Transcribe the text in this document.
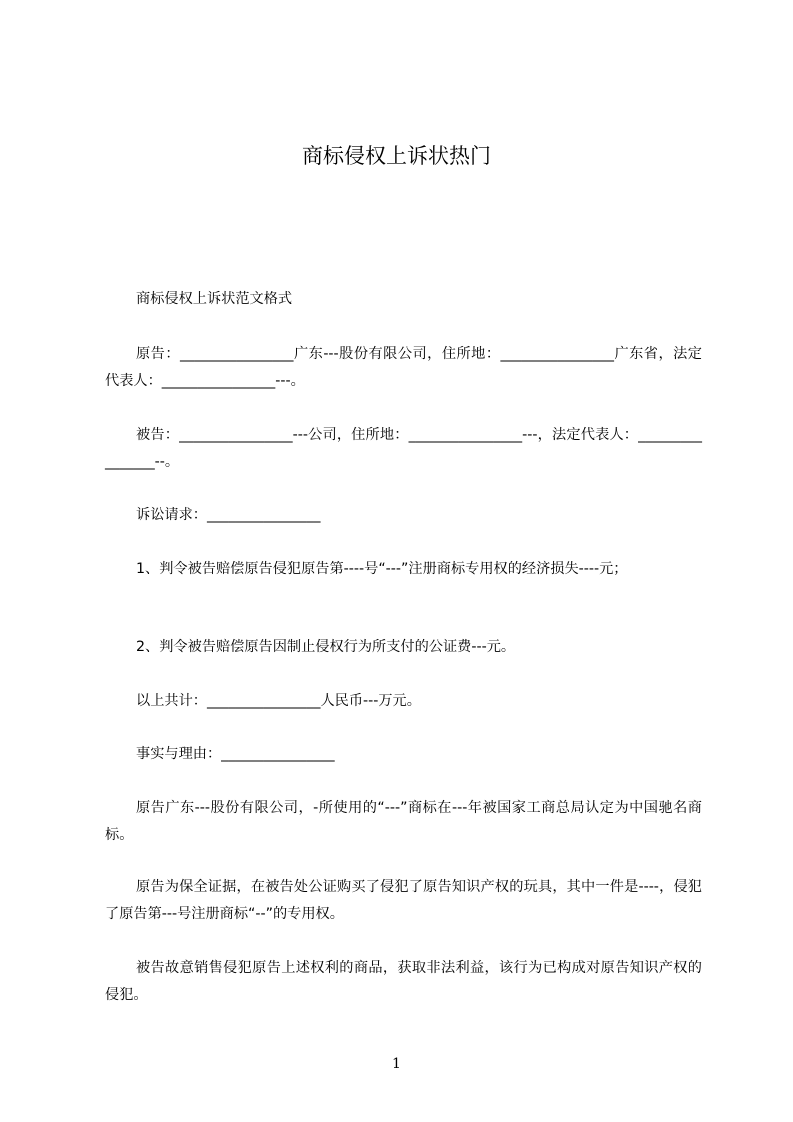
商标侵权上诉状热门

商标侵权上诉状范文格式

原告：________________广东---股份有限公司，住所地：________________广东省，法定代表人：________________---。

被告：________________---公司，住所地：________________---，法定代表人：________________--。

诉讼请求：________________

1、判令被告赔偿原告侵犯原告第----号“---”注册商标专用权的经济损失----元；

2、判令被告赔偿原告因制止侵权行为所支付的公证费---元。

以上共计：________________人民币---万元。

事实与理由：________________

原告广东---股份有限公司，-所使用的“---”商标在---年被国家工商总局认定为中国驰名商标。

原告为保全证据，在被告处公证购买了侵犯了原告知识产权的玩具，其中一件是----，侵犯了原告第---号注册商标“--”的专用权。

被告故意销售侵犯原告上述权利的商品，获取非法利益，该行为已构成对原告知识产权的侵犯。

1
